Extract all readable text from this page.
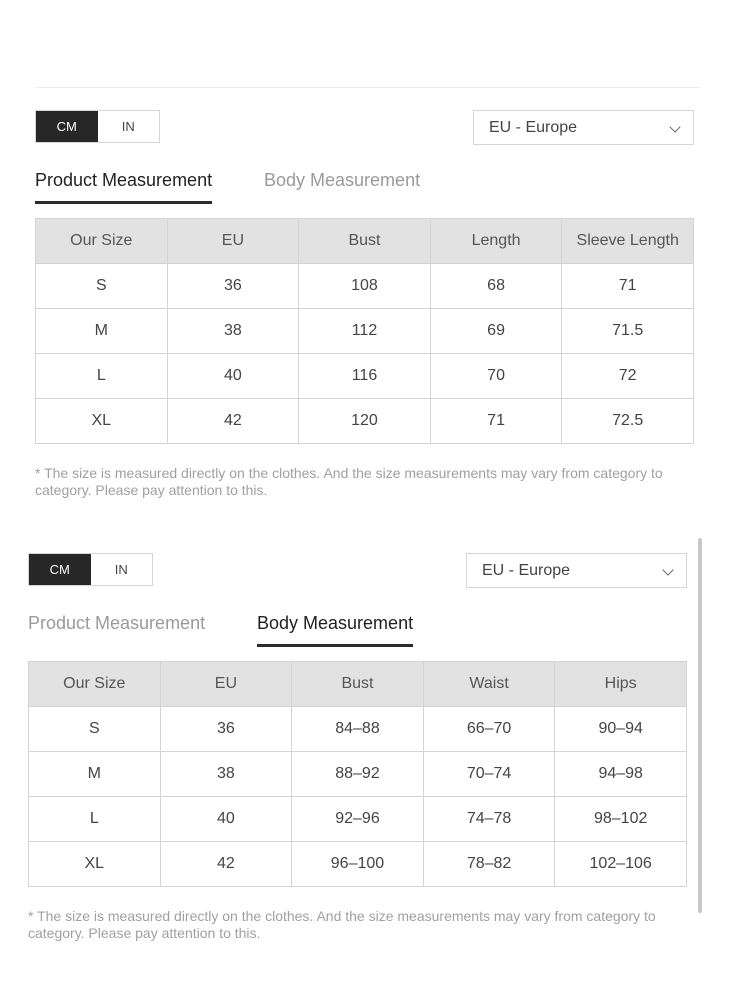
CM	IN	EU - Europe
Product Measurement	Body Measurement
Our Size	EU	Bust	Length	Sleeve Length
S	36	108	68	71
M	38	112	69	71.5
L	40	116	70	72
XL	42	120	71	72.5
* The size is measured directly on the clothes. And the size measurements may vary from category to category. Please pay attention to this.
CM	IN	EU - Europe
Product Measurement	Body Measurement
Our Size	EU	Bust	Waist	Hips
S	36	84–88	66–70	90–94
M	38	88–92	70–74	94–98
L	40	92–96	74–78	98–102
XL	42	96–100	78–82	102–106
* The size is measured directly on the clothes. And the size measurements may vary from category to category. Please pay attention to this.
